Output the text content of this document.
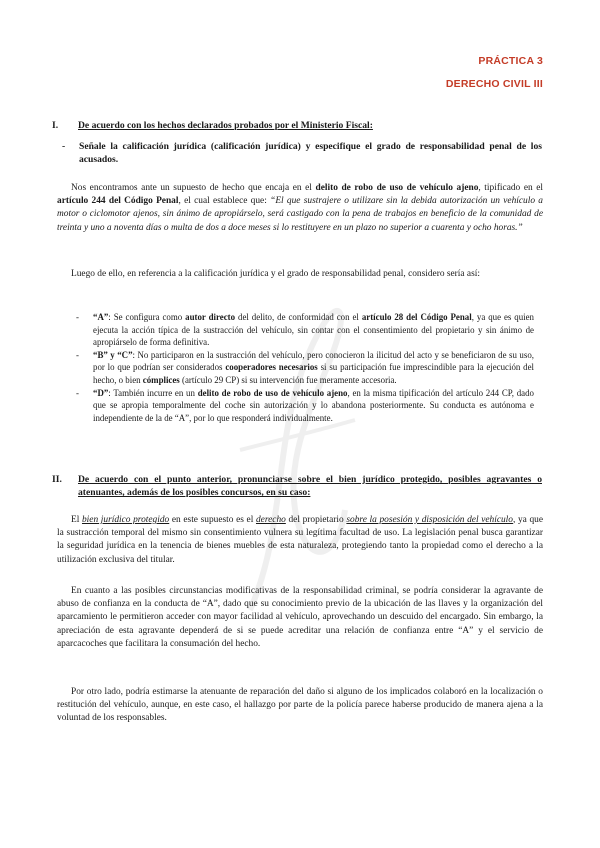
PRÁCTICA 3
DERECHO CIVIL III
I. De acuerdo con los hechos declarados probados por el Ministerio Fiscal:
- Señale la calificación jurídica (calificación jurídica) y especifique el grado de responsabilidad penal de los acusados.

Nos encontramos ante un supuesto de hecho que encaja en el delito de robo de uso de vehículo ajeno, tipificado en el artículo 244 del Código Penal, el cual establece que: “El que sustrajere o utilizare sin la debida autorización un vehículo a motor o ciclomotor ajenos, sin ánimo de apropiárselo, será castigado con la pena de trabajos en beneficio de la comunidad de treinta y uno a noventa días o multa de dos a doce meses si lo restituyere en un plazo no superior a cuarenta y ocho horas.”

Luego de ello, en referencia a la calificación jurídica y el grado de responsabilidad penal, considero sería así:

- “A”: Se configura como autor directo del delito, de conformidad con el artículo 28 del Código Penal, ya que es quien ejecuta la acción típica de la sustracción del vehículo, sin contar con el consentimiento del propietario y sin ánimo de apropiárselo de forma definitiva.
- “B” y “C”: No participaron en la sustracción del vehículo, pero conocieron la ilicitud del acto y se beneficiaron de su uso, por lo que podrían ser considerados cooperadores necesarios si su participación fue imprescindible para la ejecución del hecho, o bien cómplices (artículo 29 CP) si su intervención fue meramente accesoria.
- “D”: También incurre en un delito de robo de uso de vehículo ajeno, en la misma tipificación del artículo 244 CP, dado que se apropia temporalmente del coche sin autorización y lo abandona posteriormente. Su conducta es autónoma e independiente de la de “A”, por lo que responderá individualmente.
II. De acuerdo con el punto anterior, pronunciarse sobre el bien jurídico protegido, posibles agravantes o atenuantes, además de los posibles concursos, en su caso:

El bien jurídico protegido en este supuesto es el derecho del propietario sobre la posesión y disposición del vehículo, ya que la sustracción temporal del mismo sin consentimiento vulnera su legítima facultad de uso. La legislación penal busca garantizar la seguridad jurídica en la tenencia de bienes muebles de esta naturaleza, protegiendo tanto la propiedad como el derecho a la utilización exclusiva del titular.

En cuanto a las posibles circunstancias modificativas de la responsabilidad criminal, se podría considerar la agravante de abuso de confianza en la conducta de “A”, dado que su conocimiento previo de la ubicación de las llaves y la organización del aparcamiento le permitieron acceder con mayor facilidad al vehículo, aprovechando un descuido del encargado. Sin embargo, la apreciación de esta agravante dependerá de si se puede acreditar una relación de confianza entre “A” y el servicio de aparcacoches que facilitara la consumación del hecho.

Por otro lado, podría estimarse la atenuante de reparación del daño si alguno de los implicados colaboró en la localización o restitución del vehículo, aunque, en este caso, el hallazgo por parte de la policía parece haberse producido de manera ajena a la voluntad de los responsables.
